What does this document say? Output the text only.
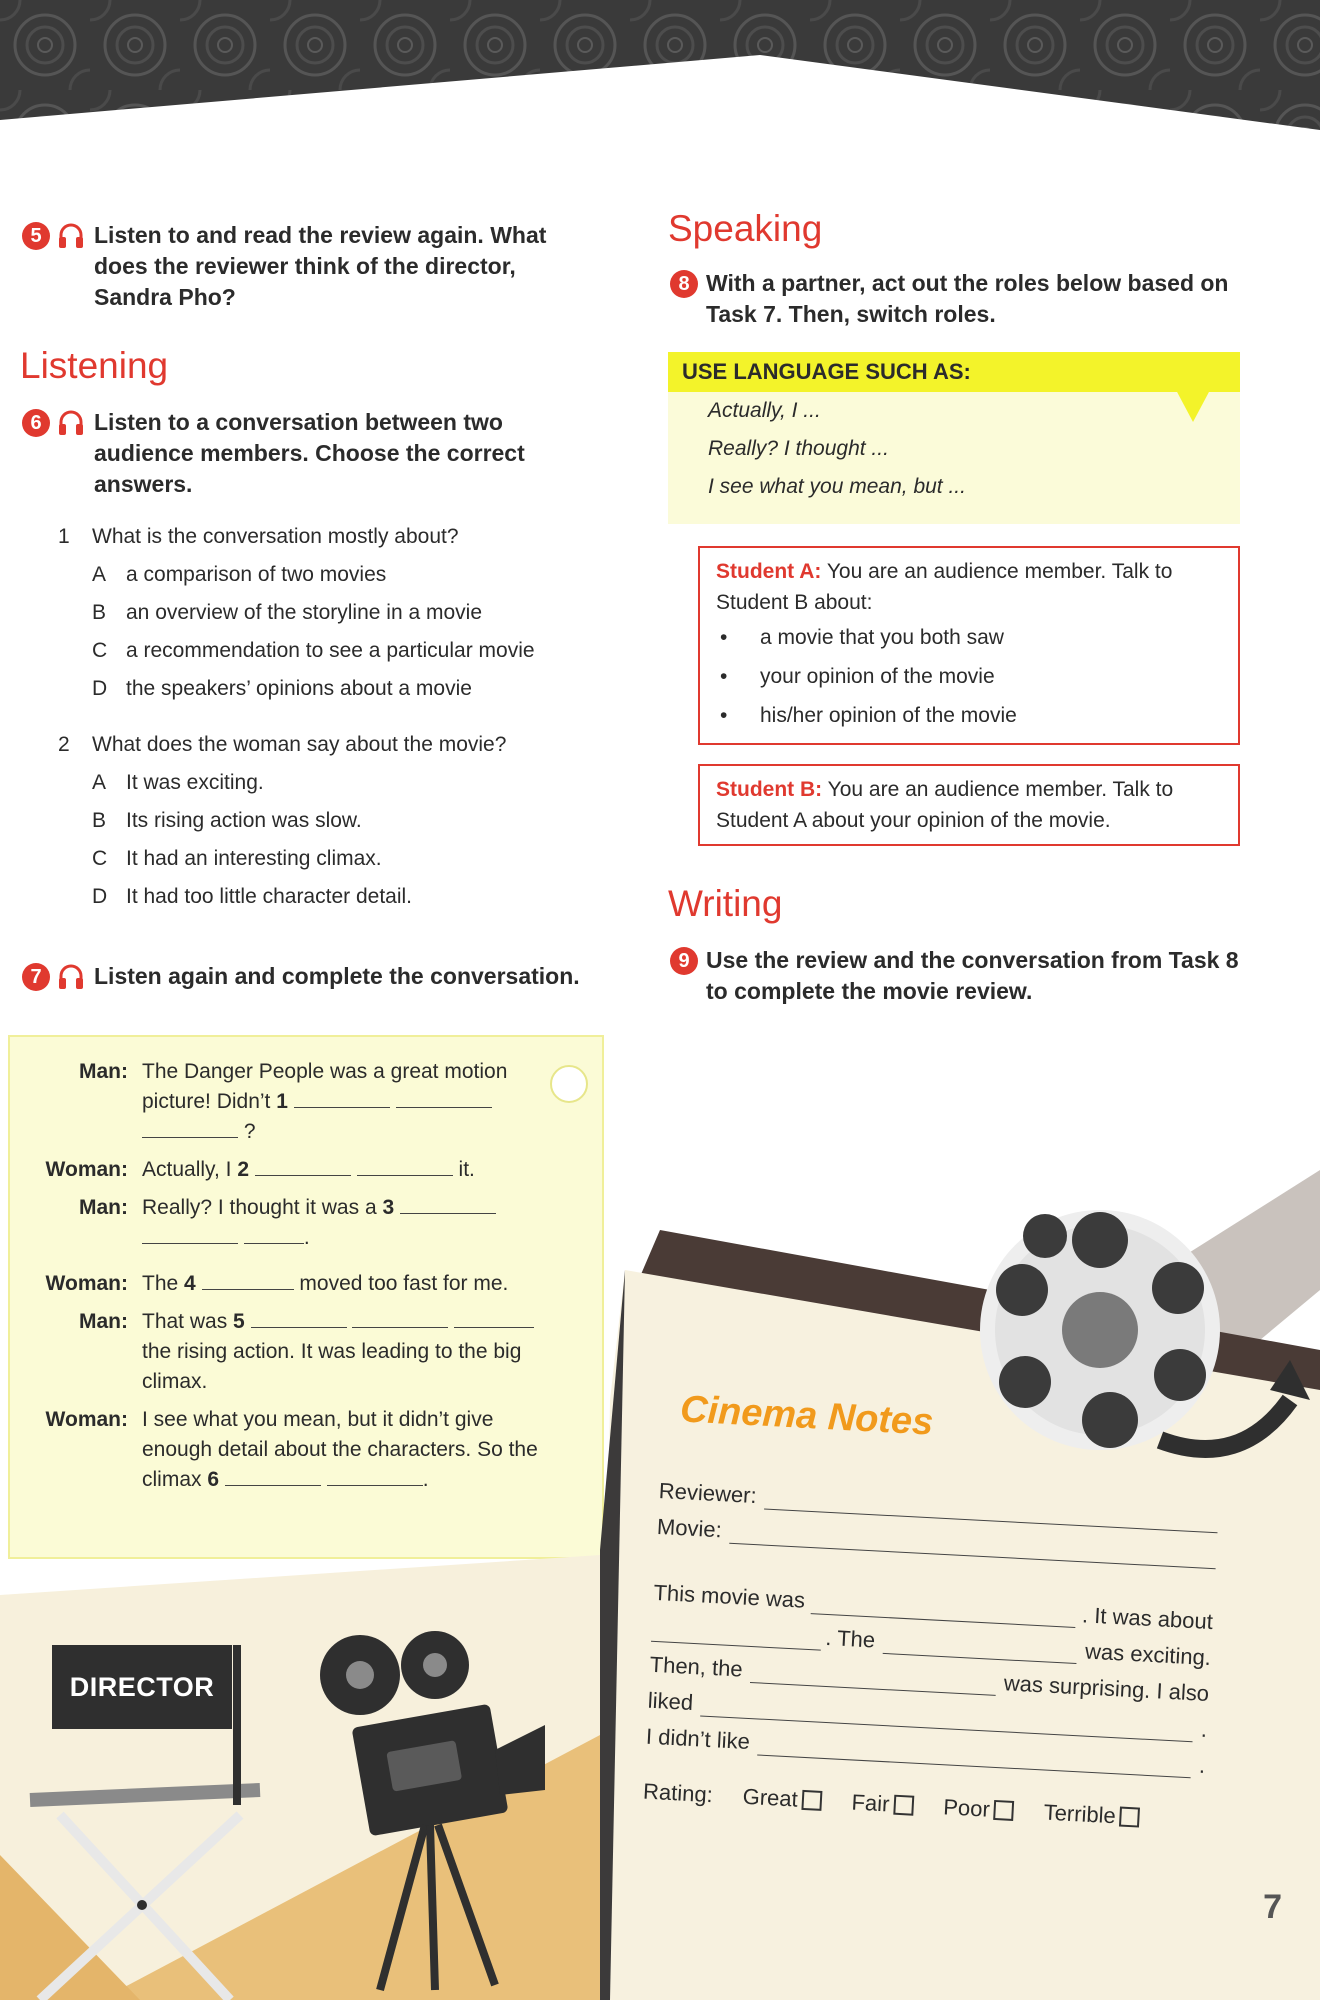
5	Listen to and read the review again. What does the reviewer think of the director, Sandra Pho?
Listening
6	Listen to a conversation between two audience members. Choose the correct answers.
1	What is the conversation mostly about?
A a comparison of two movies
B an overview of the storyline in a movie
C a recommendation to see a particular movie
D the speakers’ opinions about a movie
2	What does the woman say about the movie?
A It was exciting.
B Its rising action was slow.
C It had an interesting climax.
D It had too little character detail.
7	Listen again and complete the conversation.
Man: The Danger People was a great motion picture! Didn’t 1
?
Woman: Actually, I 2	it.
Man: Really? I thought it was a 3
.
Woman: The 4	moved too fast for me.
Man: That was 5    the rising action. It was leading to the big climax.
Woman: I see what you mean, but it didn’t give enough detail about the characters. So the climax 6	.
DIRECTOR
Speaking
8 With a partner, act out the roles below based on Task 7. Then, switch roles.
USE LANGUAGE SUCH AS:
Actually, I ...
Really? I thought ...
I see what you mean, but ...
Student A: You are an audience member. Talk to Student B about:
•	a movie that you both saw
•	your opinion of the movie
•	his/her opinion of the movie
Student B: You are an audience member. Talk to Student A about your opinion of the movie.
Writing
9 Use the review and the conversation from Task 8 to complete the movie review.
Cinema Notes
Reviewer:
Movie:
This movie was
. It was about
. The	was exciting.
Then, the
was surprising. I also
liked
.
I didn’t like
.
Rating: Great Fair Poor Terrible
7
